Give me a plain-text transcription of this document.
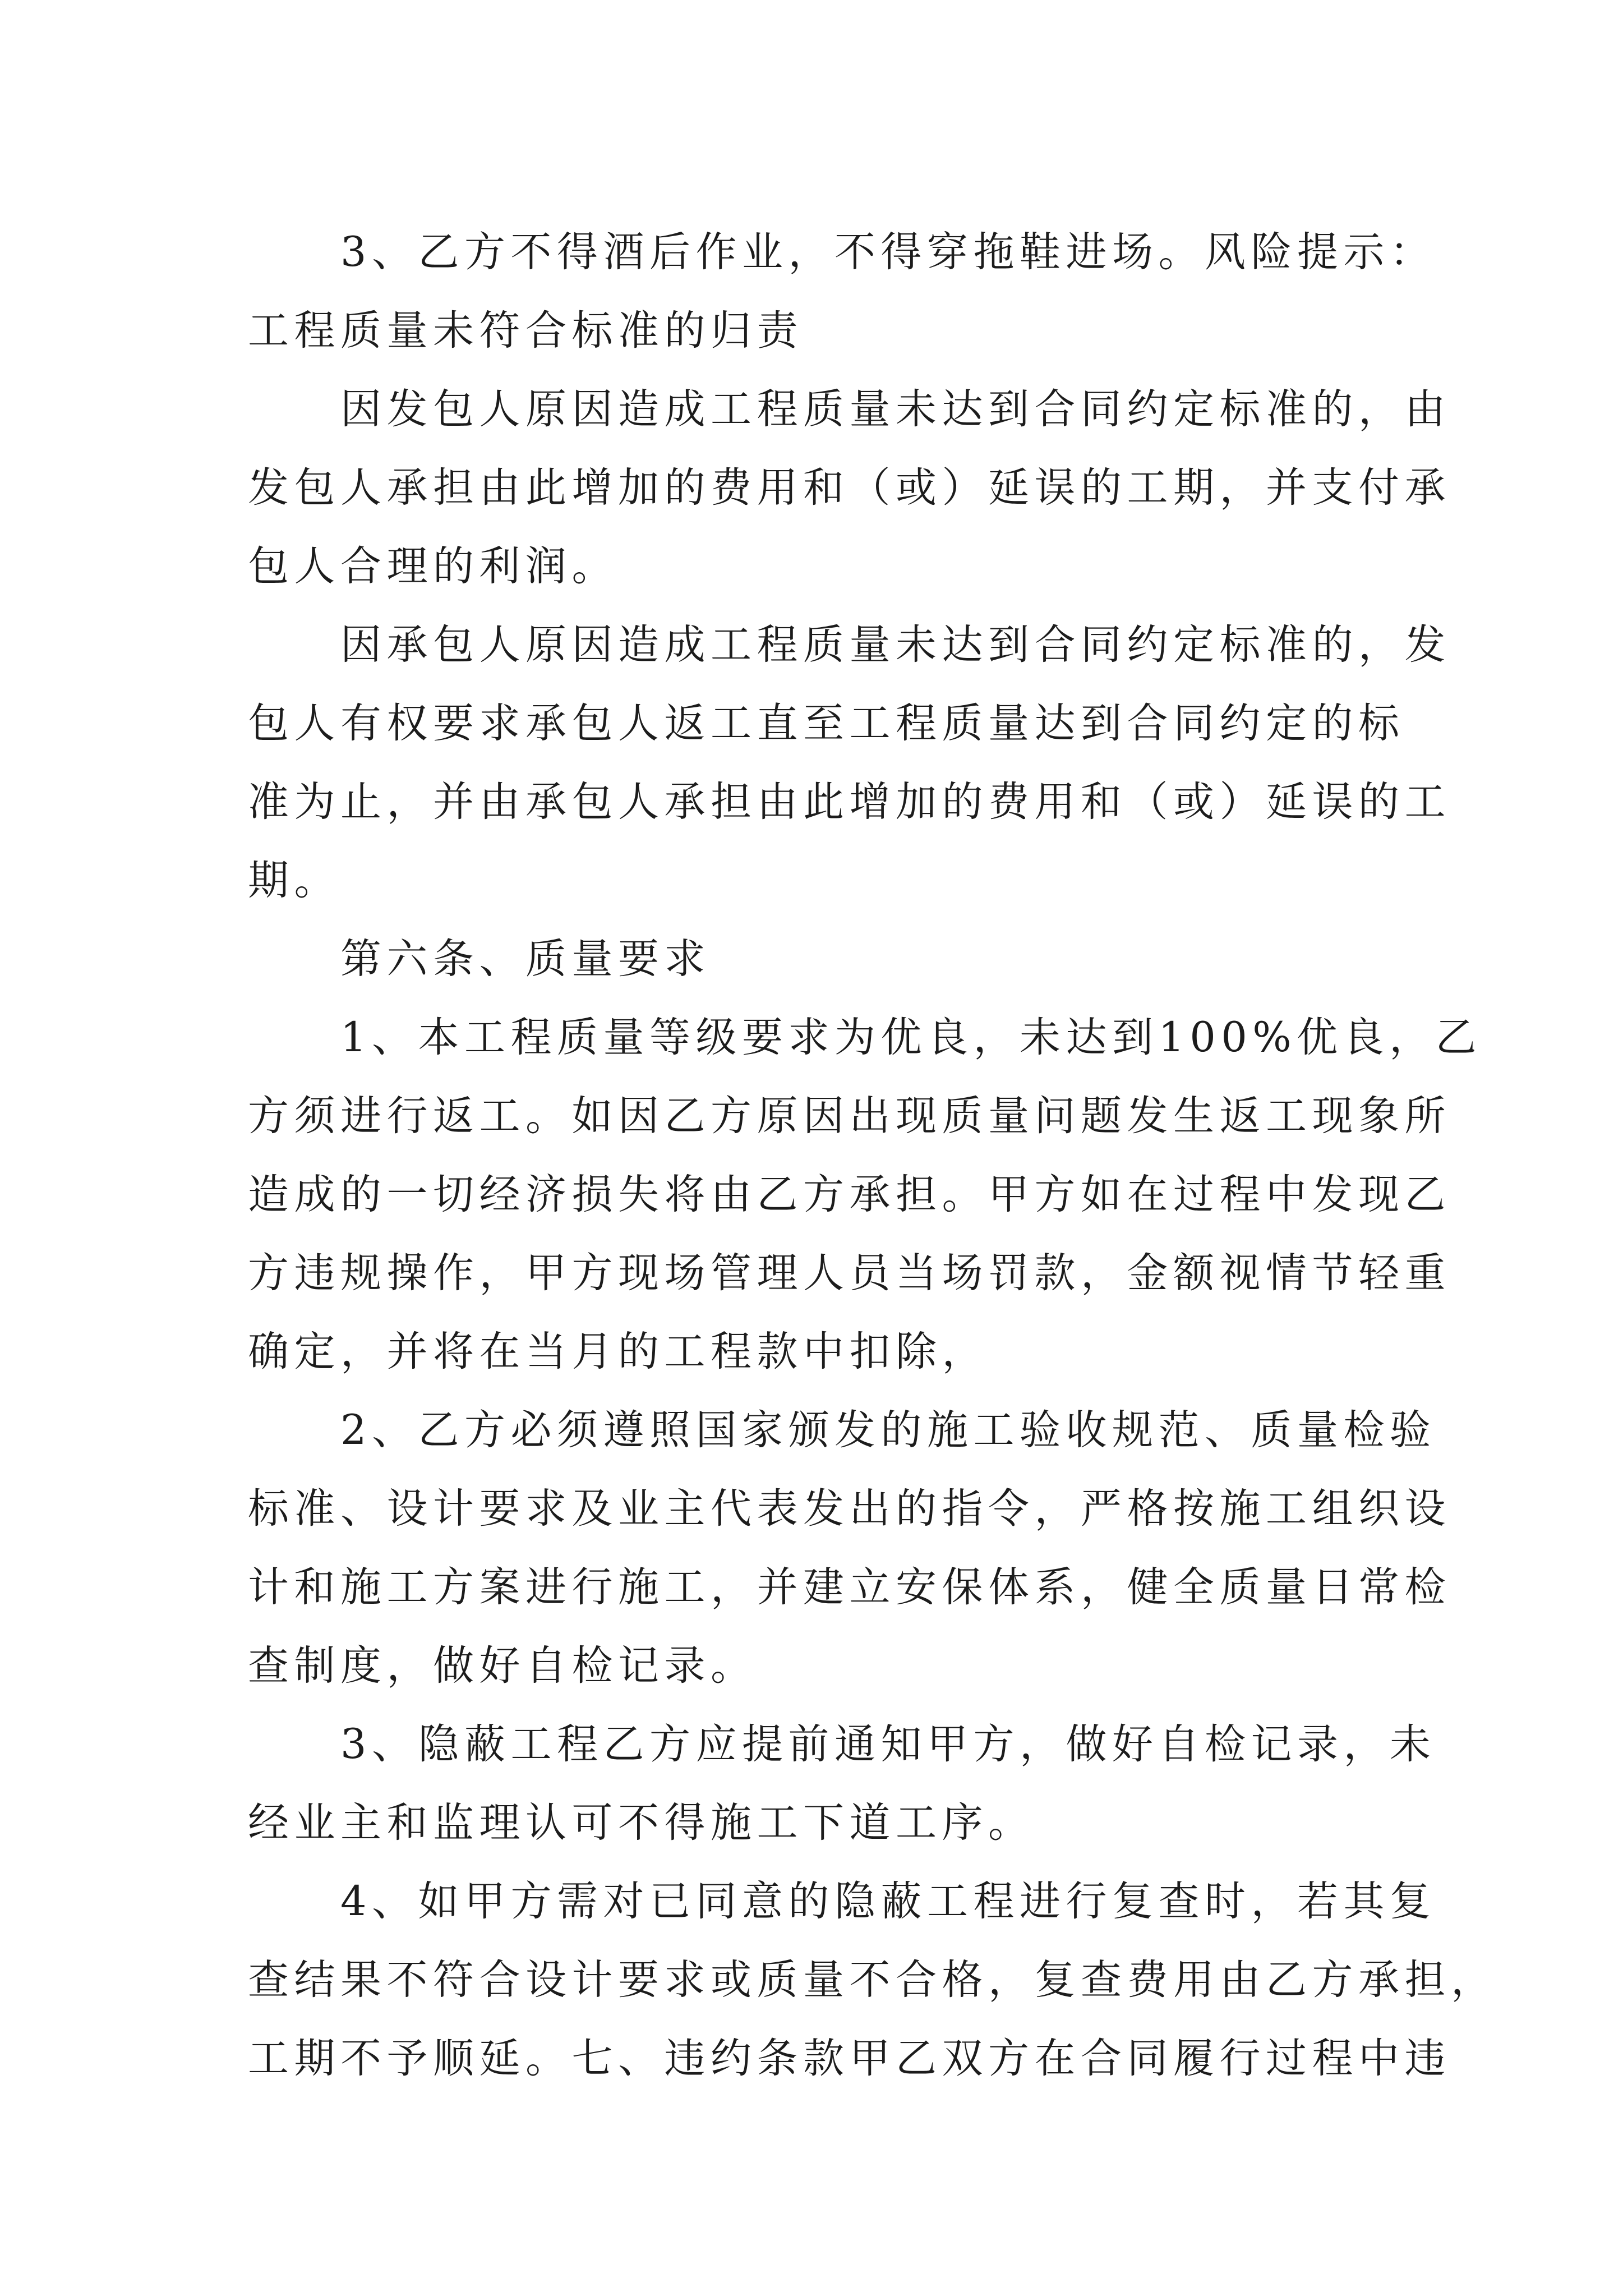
3、乙方不得酒后作业，不得穿拖鞋进场。风险提示：
工程质量未符合标准的归责
因发包人原因造成工程质量未达到合同约定标准的，由
发包人承担由此增加的费用和（或）延误的工期，并支付承
包人合理的利润。
因承包人原因造成工程质量未达到合同约定标准的，发
包人有权要求承包人返工直至工程质量达到合同约定的标
准为止，并由承包人承担由此增加的费用和（或）延误的工
期。
第六条、质量要求
1、本工程质量等级要求为优良，未达到100%优良，乙
方须进行返工。如因乙方原因出现质量问题发生返工现象所
造成的一切经济损失将由乙方承担。甲方如在过程中发现乙
方违规操作，甲方现场管理人员当场罚款，金额视情节轻重
确定，并将在当月的工程款中扣除，
2、乙方必须遵照国家颁发的施工验收规范、质量检验
标准、设计要求及业主代表发出的指令，严格按施工组织设
计和施工方案进行施工，并建立安保体系，健全质量日常检
查制度，做好自检记录。
3、隐蔽工程乙方应提前通知甲方，做好自检记录，未
经业主和监理认可不得施工下道工序。
4、如甲方需对已同意的隐蔽工程进行复查时，若其复
查结果不符合设计要求或质量不合格，复查费用由乙方承担，
工期不予顺延。七、违约条款甲乙双方在合同履行过程中违
